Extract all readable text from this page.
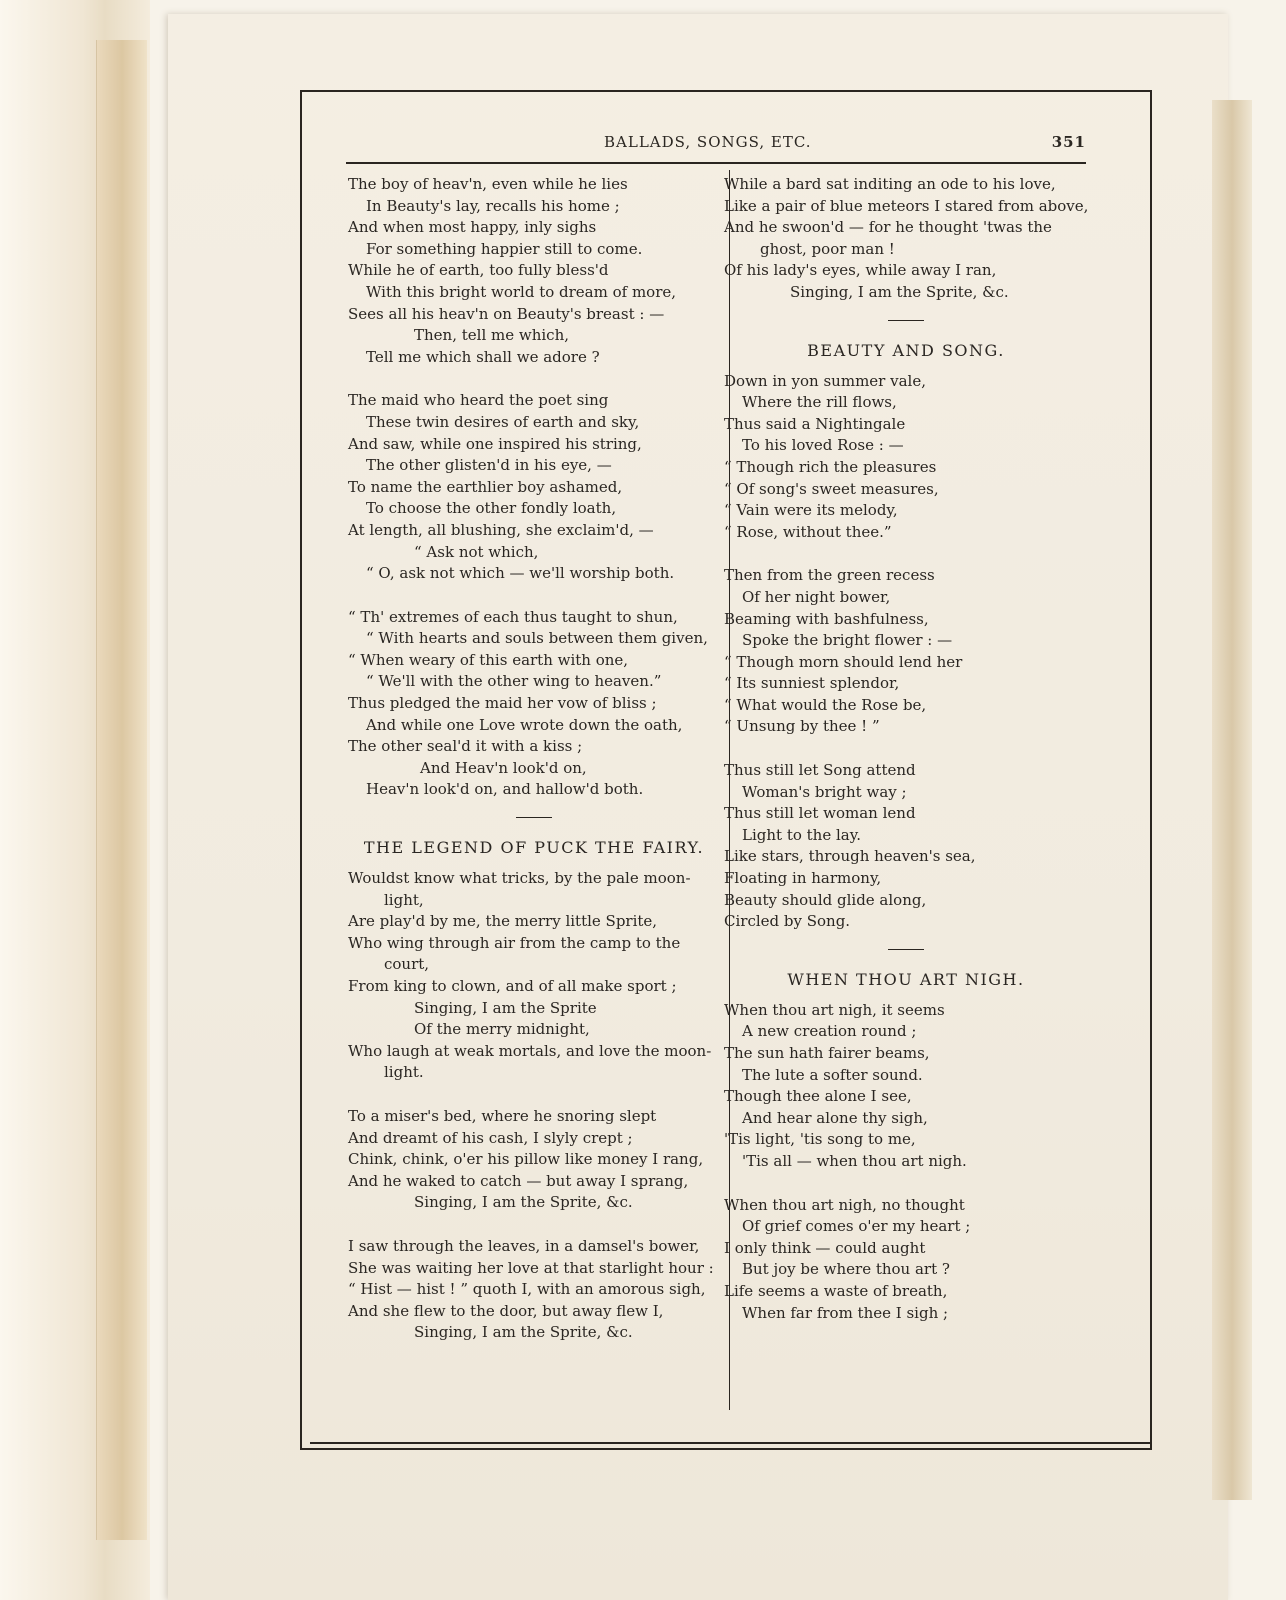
BALLADS, SONGS, ETC.	351
The boy of heav'n, even while he lies
In Beauty's lay, recalls his home ;
And when most happy, inly sighs
For something happier still to come.
While he of earth, too fully bless'd
With this bright world to dream of more,
Sees all his heav'n on Beauty's breast : —
Then, tell me which,
Tell me which shall we adore ?
The maid who heard the poet sing
These twin desires of earth and sky,
And saw, while one inspired his string,
The other glisten'd in his eye, —
To name the earthlier boy ashamed,
To choose the other fondly loath,
At length, all blushing, she exclaim'd, —
“ Ask not which,
“ O, ask not which — we'll worship both.
“ Th' extremes of each thus taught to shun,
“ With hearts and souls between them given,
“ When weary of this earth with one,
“ We'll with the other wing to heaven.”
Thus pledged the maid her vow of bliss ;
And while one Love wrote down the oath,
The other seal'd it with a kiss ;
And Heav'n look'd on,
Heav'n look'd on, and hallow'd both.
THE LEGEND OF PUCK THE FAIRY.
Wouldst know what tricks, by the pale moon-
light,
Are play'd by me, the merry little Sprite,
Who wing through air from the camp to the
court,
From king to clown, and of all make sport ;
Singing, I am the Sprite
Of the merry midnight,
Who laugh at weak mortals, and love the moon-
light.
To a miser's bed, where he snoring slept
And dreamt of his cash, I slyly crept ;
Chink, chink, o'er his pillow like money I rang,
And he waked to catch — but away I sprang,
Singing, I am the Sprite, &c.
I saw through the leaves, in a damsel's bower,
She was waiting her love at that starlight hour :
“ Hist — hist ! ” quoth I, with an amorous sigh,
And she flew to the door, but away flew I,
Singing, I am the Sprite, &c.
While a bard sat inditing an ode to his love,
Like a pair of blue meteors I stared from above,
And he swoon'd — for he thought 'twas the
ghost, poor man !
Of his lady's eyes, while away I ran,
Singing, I am the Sprite, &c.
BEAUTY AND SONG.
Down in yon summer vale,
Where the rill flows,
Thus said a Nightingale
To his loved Rose : —
“ Though rich the pleasures
“ Of song's sweet measures,
“ Vain were its melody,
“ Rose, without thee.”
Then from the green recess
Of her night bower,
Beaming with bashfulness,
Spoke the bright flower : —
“ Though morn should lend her
“ Its sunniest splendor,
“ What would the Rose be,
“ Unsung by thee ! ”
Thus still let Song attend
Woman's bright way ;
Thus still let woman lend
Light to the lay.
Like stars, through heaven's sea,
Floating in harmony,
Beauty should glide along,
Circled by Song.
WHEN THOU ART NIGH.
When thou art nigh, it seems
A new creation round ;
The sun hath fairer beams,
The lute a softer sound.
Though thee alone I see,
And hear alone thy sigh,
'Tis light, 'tis song to me,
'Tis all — when thou art nigh.
When thou art nigh, no thought
Of grief comes o'er my heart ;
I only think — could aught
But joy be where thou art ?
Life seems a waste of breath,
When far from thee I sigh ;
